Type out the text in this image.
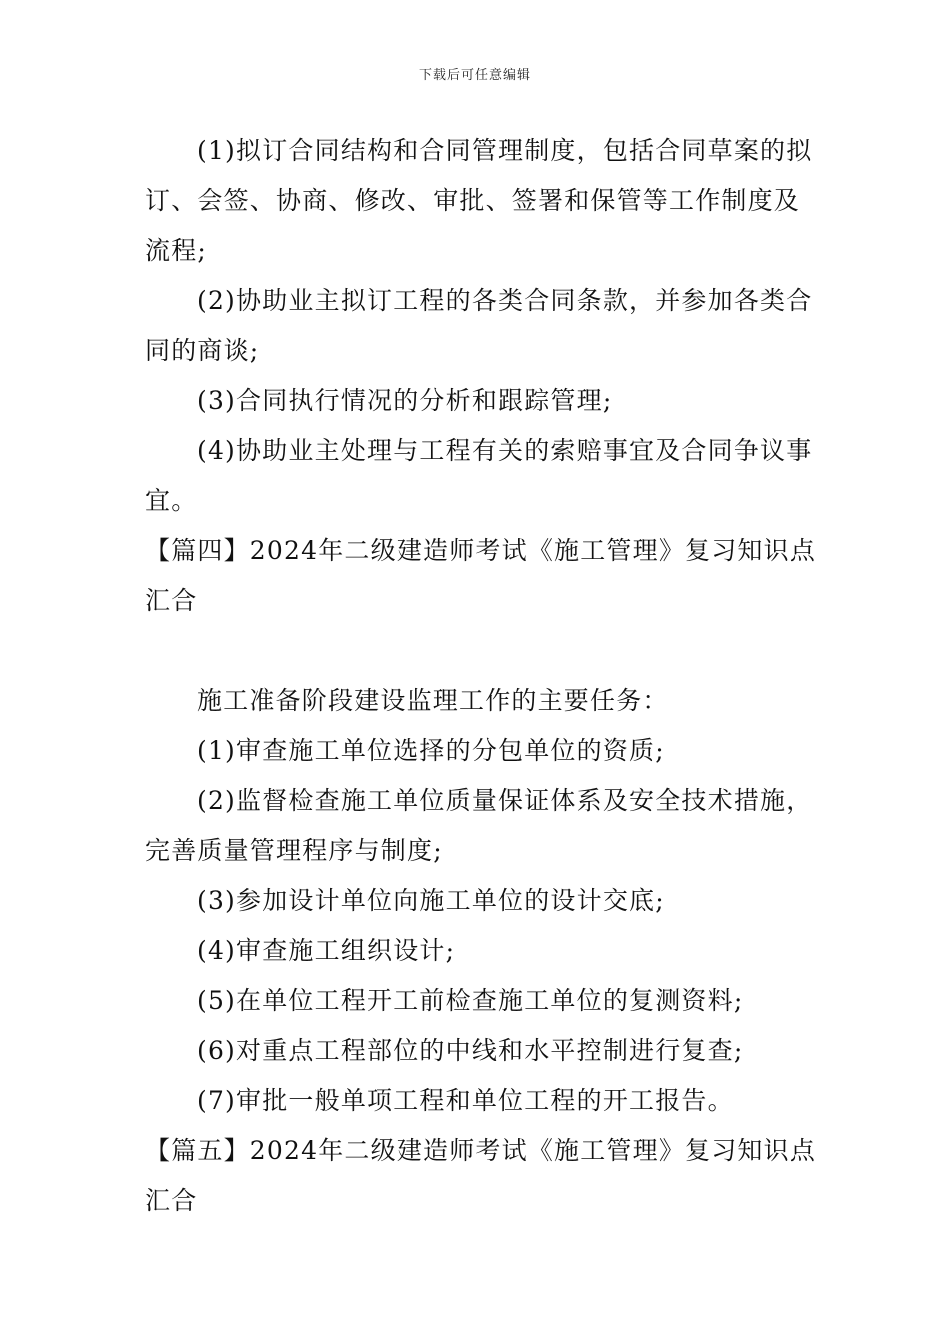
下载后可任意编辑
(1)拟订合同结构和合同管理制度，包括合同草案的拟
订、会签、协商、修改、审批、签署和保管等工作制度及
流程;
(2)协助业主拟订工程的各类合同条款，并参加各类合
同的商谈;
(3)合同执行情况的分析和跟踪管理;
(4)协助业主处理与工程有关的索赔事宜及合同争议事
宜。
【篇四】2024年二级建造师考试《施工管理》复习知识点
汇合
施工准备阶段建设监理工作的主要任务：
(1)审查施工单位选择的分包单位的资质;
(2)监督检查施工单位质量保证体系及安全技术措施，
完善质量管理程序与制度;
(3)参加设计单位向施工单位的设计交底;
(4)审查施工组织设计;
(5)在单位工程开工前检查施工单位的复测资料;
(6)对重点工程部位的中线和水平控制进行复查;
(7)审批一般单项工程和单位工程的开工报告。
【篇五】2024年二级建造师考试《施工管理》复习知识点
汇合
